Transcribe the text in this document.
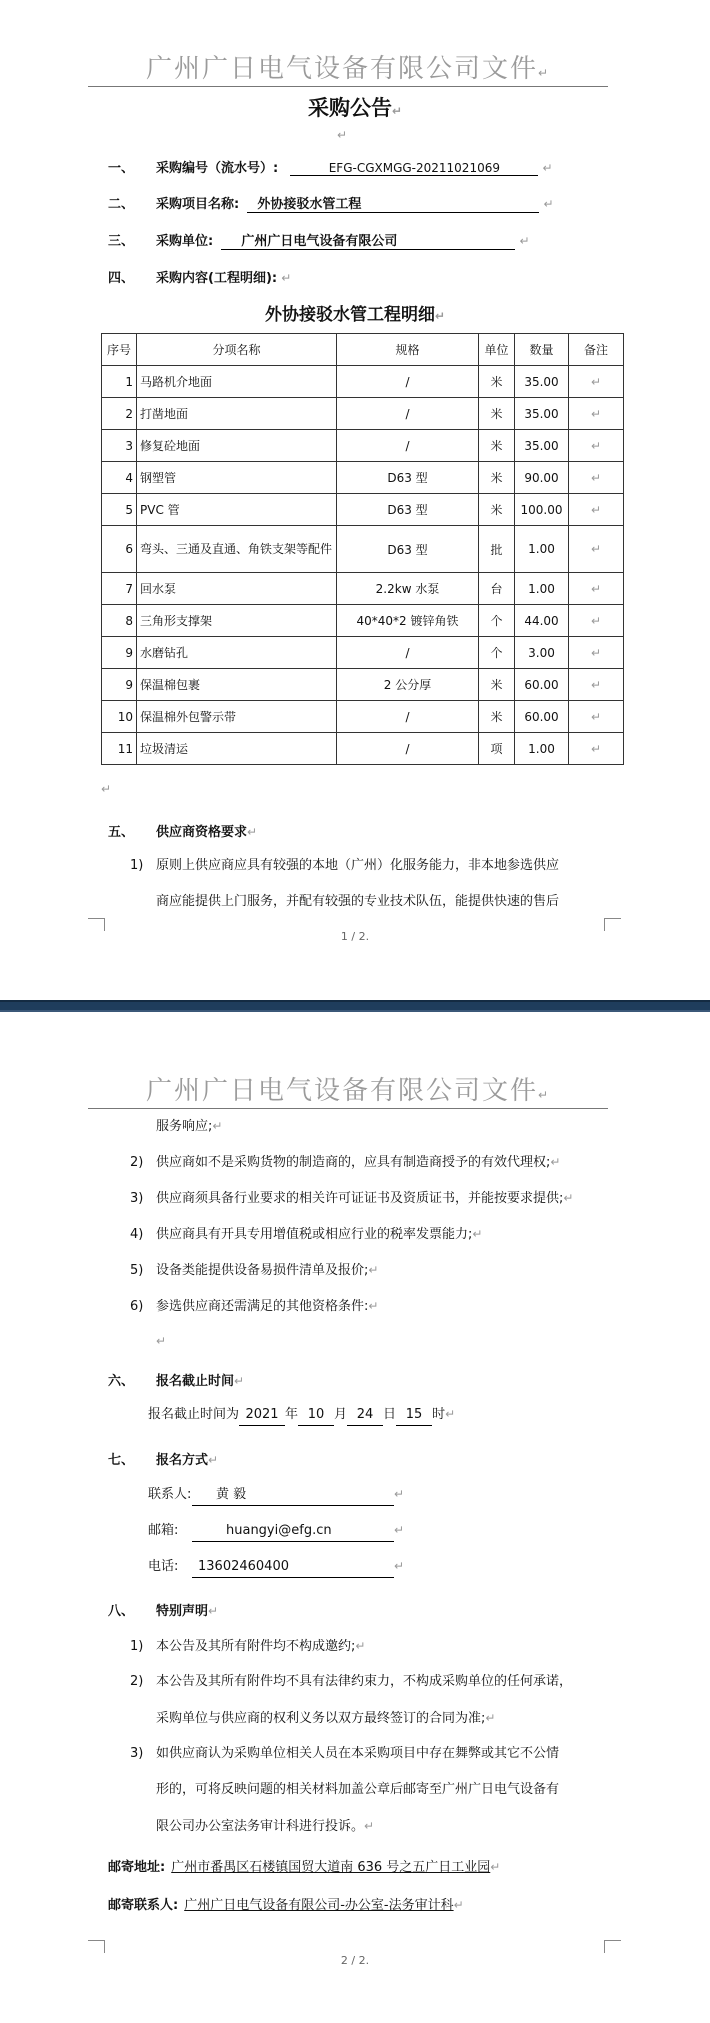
广州广日电气设备有限公司文件↵
采购公告↵
↵
一、 采购编号（流水号）:	EFG-CGXMGG-20211021069	↵
二、 采购项目名称: 外协接驳水管工程	↵
三、 采购单位: 广州广日电气设备有限公司	↵
四、 采购内容(工程明细): ↵
外协接驳水管工程明细↵
序号	分项名称	规格	单位	数量	备注
1	马路机介地面	/	米	35.00	↵
2	打凿地面	/	米	35.00	↵
3	修复砼地面	/	米	35.00	↵
4	钢塑管	D63 型	米	90.00	↵
5	PVC 管	D63 型	米	100.00	↵
6	弯头、三通及直通、角铁支架等配件	D63 型	批	1.00	↵
7	回水泵	2.2kw 水泵	台	1.00	↵
8	三角形支撑架	40*40*2 镀锌角铁	个	44.00	↵
9	水磨钻孔	/	个	3.00	↵
9	保温棉包裹	2 公分厚	米	60.00	↵
10	保温棉外包警示带	/	米	60.00	↵
11	垃圾清运	/	项	1.00	↵
↵
五、 供应商资格要求↵
1) 原则上供应商应具有较强的本地（广州）化服务能力，非本地参选供应
商应能提供上门服务，并配有较强的专业技术队伍，能提供快速的售后
1 / 2.
广州广日电气设备有限公司文件↵
服务响应;↵
2) 供应商如不是采购货物的制造商的，应具有制造商授予的有效代理权;↵
3) 供应商须具备行业要求的相关许可证证书及资质证书，并能按要求提供;↵
4) 供应商具有开具专用增值税或相应行业的税率发票能力;↵
5) 设备类能提供设备易损件清单及报价;↵
6) 参选供应商还需满足的其他资格条件:↵
↵
六、 报名截止时间↵
报名截止时间为 2021 年 10 月 24 日 15 时↵
七、 报名方式↵
联系人: 黄 毅	↵
邮箱:	huangyi@efg.cn	↵
电话: 13602460400	↵
八、 特别声明↵
1) 本公告及其所有附件均不构成邀约;↵
2) 本公告及其所有附件均不具有法律约束力，不构成采购单位的任何承诺，
采购单位与供应商的权利义务以双方最终签订的合同为准;↵
3) 如供应商认为采购单位相关人员在本采购项目中存在舞弊或其它不公情
形的，可将反映问题的相关材料加盖公章后邮寄至广州广日电气设备有
限公司办公室法务审计科进行投诉。↵
邮寄地址: 广州市番禺区石楼镇国贸大道南 636 号之五广日工业园↵
邮寄联系人: 广州广日电气设备有限公司-办公室-法务审计科↵
2 / 2.
